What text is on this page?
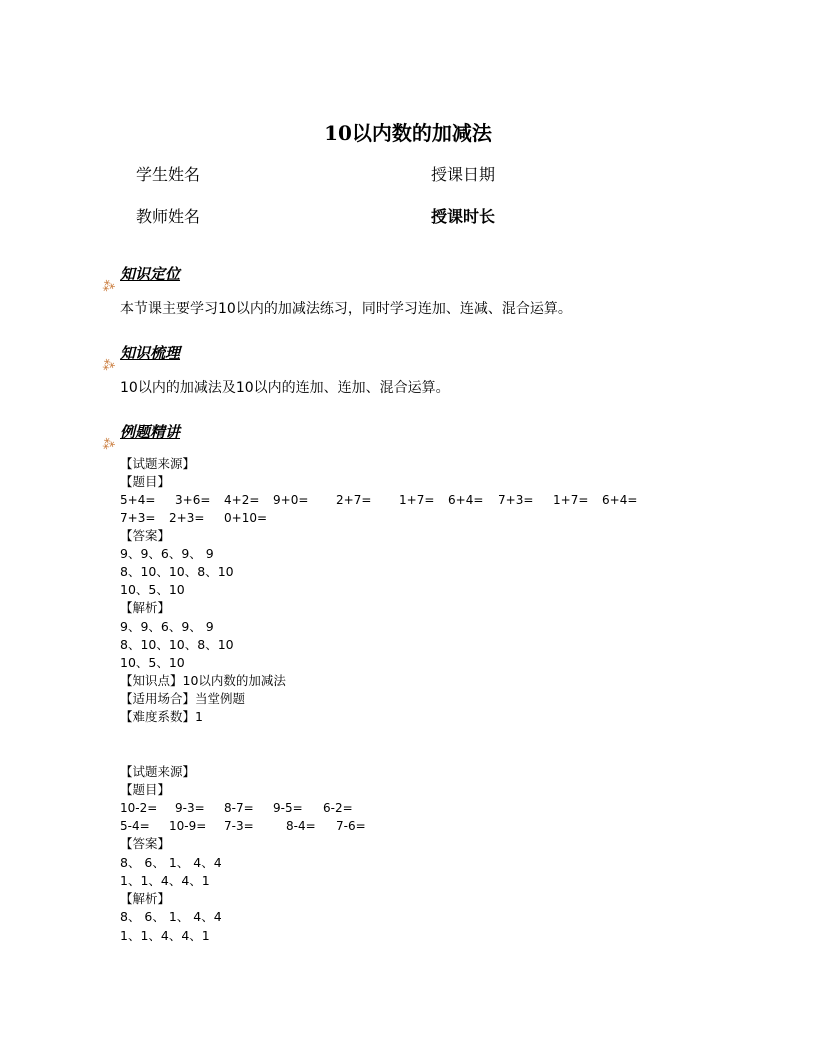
10以内数的加减法
学生姓名	授课日期
教师姓名	授课时长
⁂
知识定位
本节课主要学习10以内的加减法练习，同时学习连加、连减、混合运算。
⁂
知识梳理
10以内的加减法及10以内的连加、连加、混合运算。
⁂
例题精讲
【试题来源】
【题目】
5+4= 3+6= 4+2= 9+0= 2+7= 1+7= 6+4= 7+3= 1+7= 6+4=
7+3= 2+3= 0+10=
【答案】
9、9、6、9、 9
8、10、10、8、10
10、5、10
【解析】
9、9、6、9、 9
8、10、10、8、10
10、5、10
【知识点】10以内数的加减法
【适用场合】当堂例题
【难度系数】1
【试题来源】
【题目】
10-2= 9-3= 8-7= 9-5= 6-2=
5-4= 10-9= 7-3=	8-4= 7-6=
【答案】
8、 6、 1、 4、4
1、1、4、4、1
【解析】
8、 6、 1、 4、4
1、1、4、4、1
